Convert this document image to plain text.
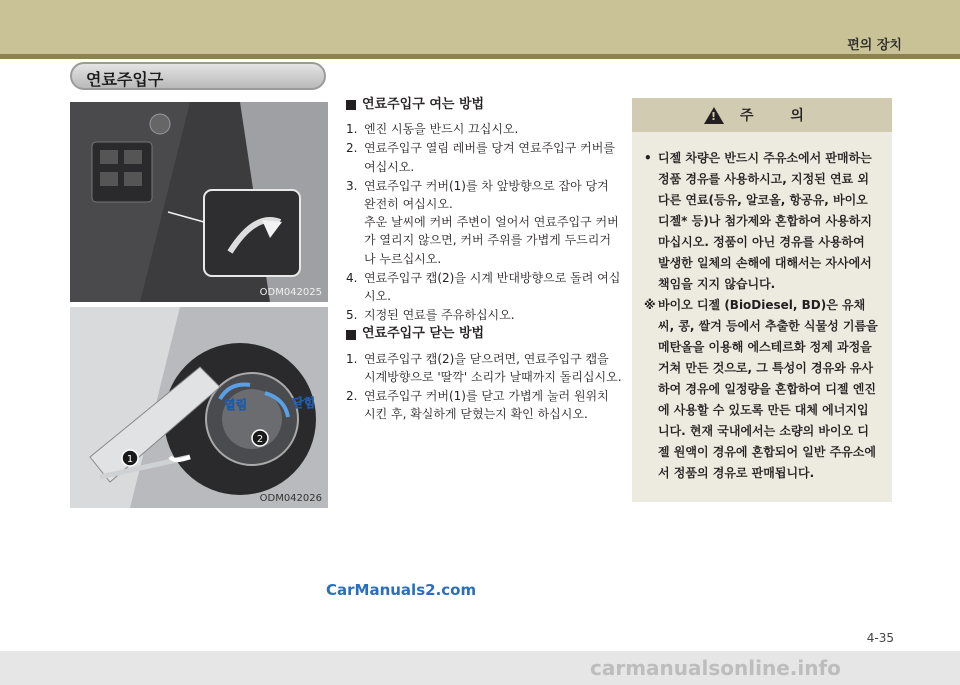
편의 장치
연료주입구
ODM042025
1
2
열림	닫힘
ODM042026
연료주입구 여는 방법
1. 엔진 시동을 반드시 끄십시오.
2. 연료주입구 열림 레버를 당겨 연료주입구 커버를 여십시오.
3. 연료주입구 커버(1)를 차 앞방향으로 잡아 당겨 완전히 여십시오.
추운 날씨에 커버 주변이 얼어서 연료주입구 커버가 열리지 않으면, 커버 주위를 가볍게 두드리거나 누르십시오.
4. 연료주입구 캡(2)을 시계 반대방향으로 돌려 여십시오.
5. 지정된 연료를 주유하십시오.
연료주입구 닫는 방법
1. 연료주입구 캡(2)을 닫으려면, 연료주입구 캡을 시계방향으로 '딸깍' 소리가 날때까지 돌리십시오.
2. 연료주입구 커버(1)를 닫고 가볍게 눌러 원위치 시킨 후, 확실하게 닫혔는지 확인 하십시오.
!
주 의
• 디젤 차량은 반드시 주유소에서 판매하는 정품 경유를 사용하시고, 지정된 연료 외 다른 연료(등유, 알코올, 항공유, 바이오 디젤* 등)나 첨가제와 혼합하여 사용하지 마십시오. 정품이 아닌 경유를 사용하여 발생한 일체의 손해에 대해서는 자사에서 책임을 지지 않습니다.
※ 바이오 디젤 (BioDiesel, BD)은 유채씨, 콩, 쌀겨 등에서 추출한 식물성 기름을 메탄올을 이용해 에스테르화 정제 과정을 거쳐 만든 것으로, 그 특성이 경유와 유사하여 경유에 일정량을 혼합하여 디젤 엔진에 사용할 수 있도록 만든 대체 에너지입니다. 현재 국내에서는 소량의 바이오 디젤 원액이 경유에 혼합되어 일반 주유소에서 정품의 경유로 판매됩니다.
CarManuals2.com
4-35
carmanualsonline.info
